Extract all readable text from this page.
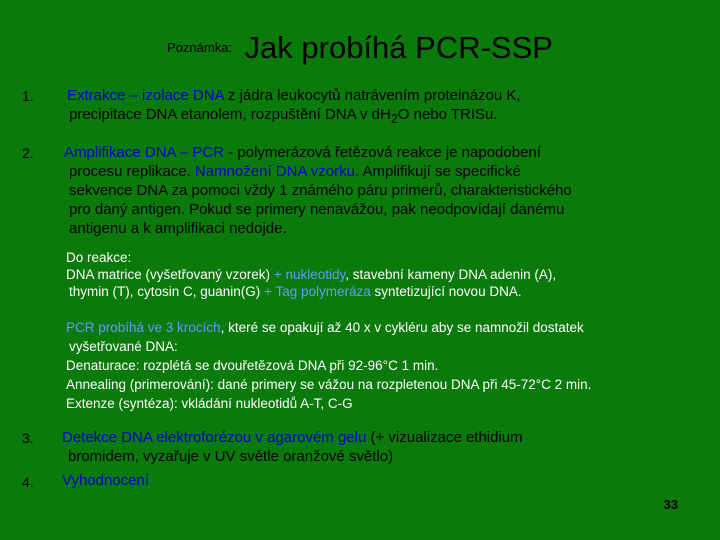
$^{Poznámka:}$ Jak probíhá PCR-SSP
1. Extrakce – izolace DNA z jádra leukocytů natrávením proteinázou K,
precipitace DNA etanolem, rozpuštění DNA v $dH_2O$ nebo TRISu.
2. Amplifikace DNA – PCR - polymerázová řetězová reakce je napodobení
procesu replikace. Namnožení DNA vzorku. Amplifikují se specifické
sekvence DNA za pomoci vždy 1 známého páru primerů, charakteristického
pro daný antigen. Pokud se primery nenavážou, pak neodpovídají danému
antigenu a k amplifikaci nedojde.
Do reakce:
DNA matrice (vyšetřovaný vzorek) + nukleotidy, stavební kameny DNA adenin (A),
thymin (T), cytosin C, guanin(G) + Tag polymeráza syntetizující novou DNA.
PCR probíhá ve 3 krocích, které se opakují až 40 x v cykléru aby se namnožil dostatek
vyšetřované DNA:
Denaturace: rozplétá se dvouřetězová DNA při 92-96°C 1 min.
Annealing (primerování): dané primery se vážou na rozpletenou DNA při 45-72°C 2 min.
Extenze (syntéza): vkládání nukleotidů A-T, C-G
3. Detekce DNA elektroforézou v agarovém gelu (+ vizualizace ethidium
bromidem, vyzařuje v UV světle oranžové světlo)
4. Vyhodnocení
33
